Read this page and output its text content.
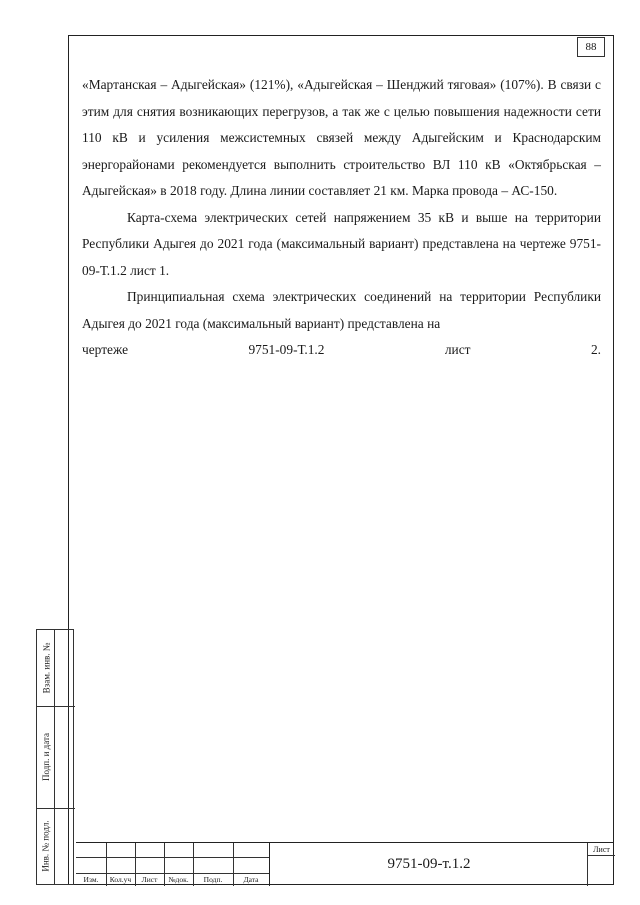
88

«Мартанская – Адыгейская» (121%), «Адыгейская – Шенджий тяговая» (107%). В связи с этим для снятия возникающих перегрузов, а так же с целью повышения надежности сети 110 кВ и усиления межсистемных связей между Адыгейским и Краснодарским энергорайонами рекомендуется выполнить строительство ВЛ 110 кВ «Октябрьская – Адыгейская» в 2018 году. Длина линии составляет 21 км. Марка провода – АС-150.

Карта-схема электрических сетей напряжением 35 кВ и выше на территории Республики Адыгея до 2021 года (максимальный вариант) представлена на чертеже 9751-09-Т.1.2 лист 1.

Принципиальная схема электрических соединений на территории Республики Адыгея до 2021 года (максимальный вариант) представлена на

чертеже	9751-09-Т.1.2	лист	2.

Взам. инв. №
Подп. и дата
Инв. № подл.
Изм.	Кол.уч	Лист	№док.	Подп.	Дата
9751-09-т.1.2
Лист
